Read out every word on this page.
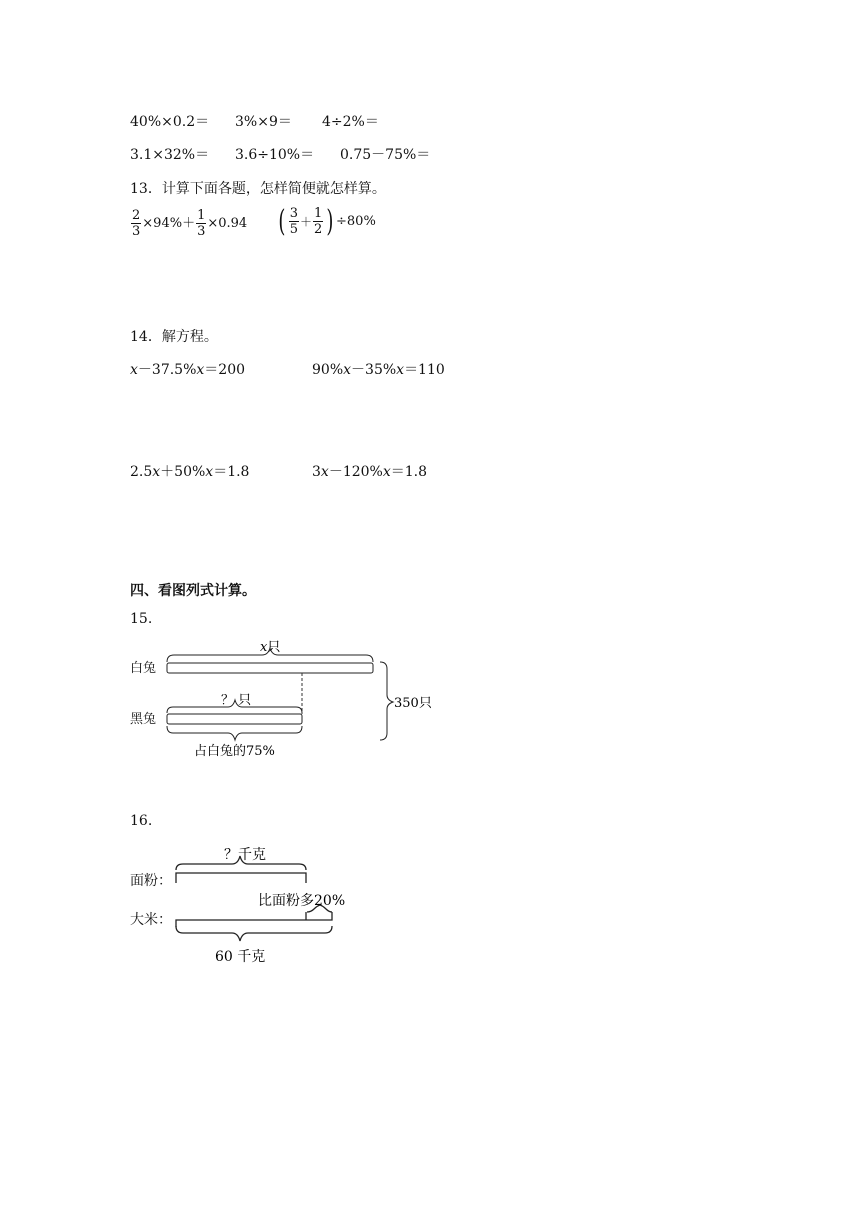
40%×0.2＝ 3%×9＝ 4÷2%＝
3.1×32%＝ 3.6÷10%＝ 0.75－75%＝
13．计算下面各题，怎样简便就怎样算。
$\frac{2}{3} \times 94\%+ \frac{1}{3} \times 0.94$ ( $\frac{3}{5} + \frac{1}{2}$ ) ÷80%
14．解方程。
x－37.5%x＝200	90%x－35%x＝110
2.5x＋50%x＝1.8	3x－120%x＝1.8
四、看图列式计算。
15.
x只
？ 只
占白兔的75%
350只
白兔
黑兔
16.
？千克
比面粉多20%
60 千克
面粉：
大米：
